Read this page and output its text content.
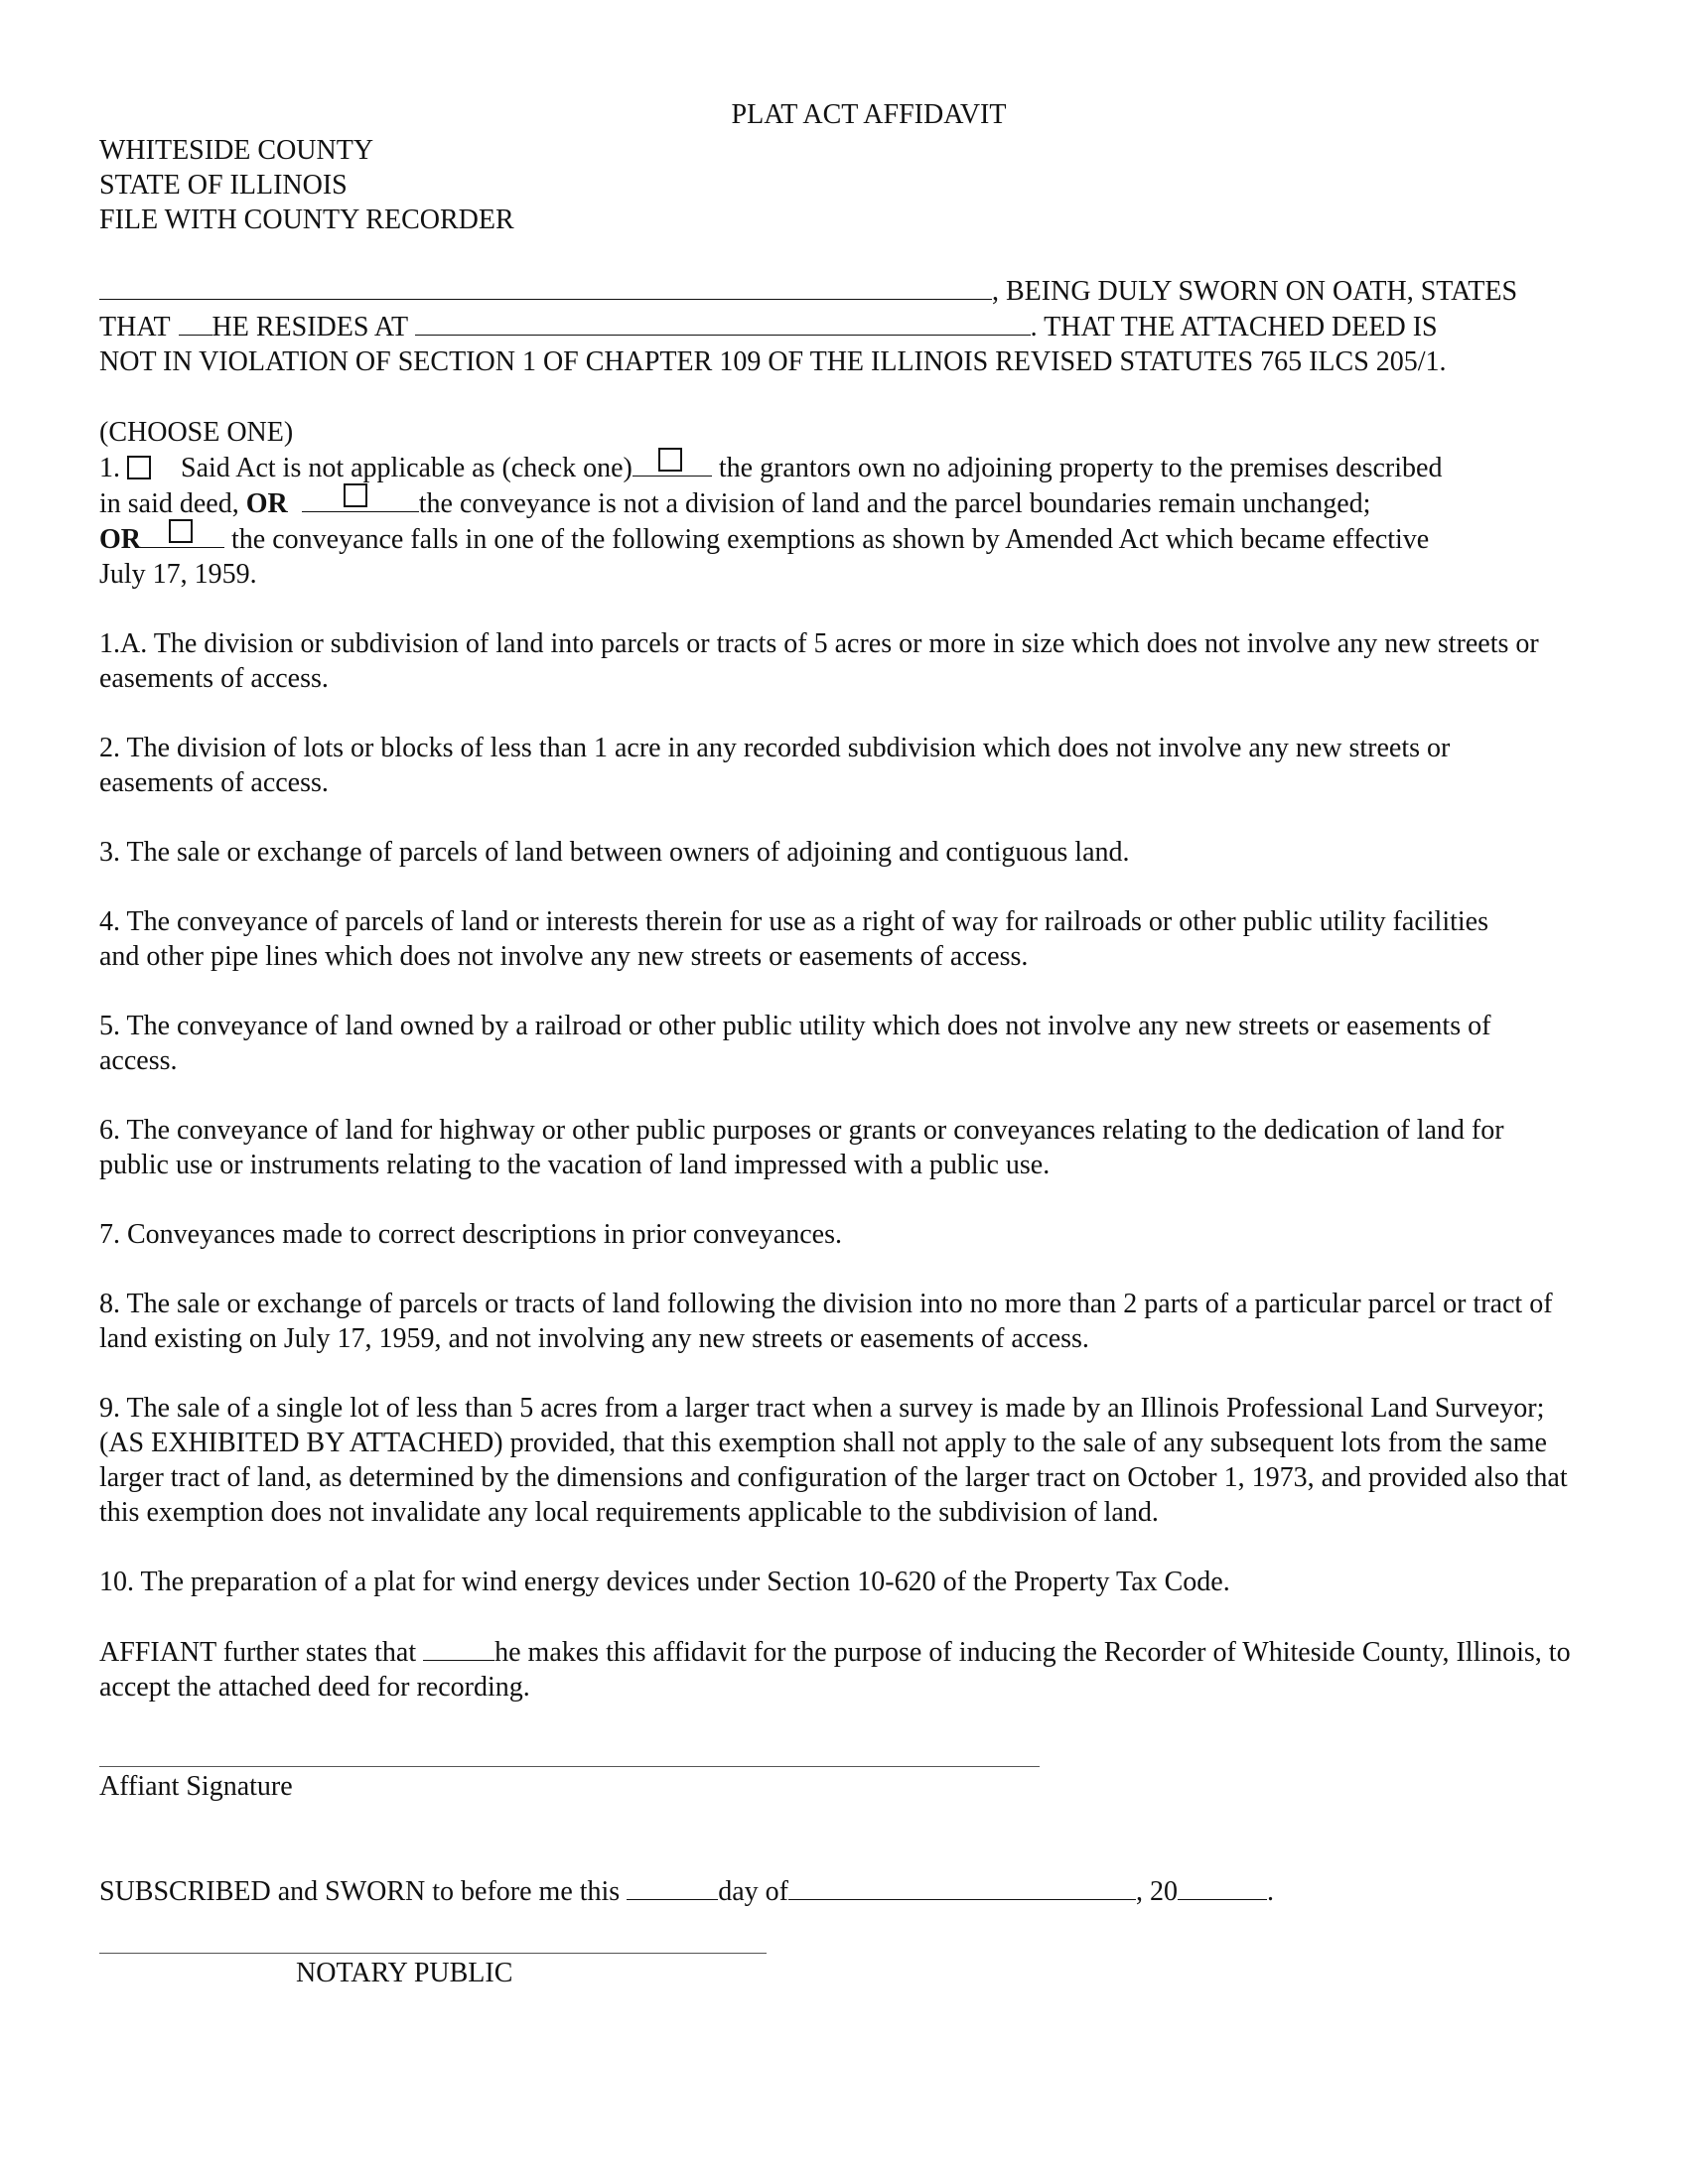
PLAT ACT AFFIDAVIT
WHITESIDE COUNTY
STATE OF ILLINOIS
FILE WITH COUNTY RECORDER
, BEING DULY SWORN ON OATH, STATES
THAT HE RESIDES AT	. THAT THE ATTACHED DEED IS
NOT IN VIOLATION OF SECTION 1 OF CHAPTER 109 OF THE ILLINOIS REVISED STATUTES 765 ILCS 205/1.
(CHOOSE ONE)
1. Said Act is not applicable as (check one)	the grantors own no adjoining property to the premises described
in said deed, OR	the conveyance is not a division of land and the parcel boundaries remain unchanged;
OR	the conveyance falls in one of the following exemptions as shown by Amended Act which became effective
July 17, 1959.
1.A. The division or subdivision of land into parcels or tracts of 5 acres or more in size which does not involve any new streets or easements of access.
2. The division of lots or blocks of less than 1 acre in any recorded subdivision which does not involve any new streets or easements of access.
3. The sale or exchange of parcels of land between owners of adjoining and contiguous land.
4. The conveyance of parcels of land or interests therein for use as a right of way for railroads or other public utility facilities and other pipe lines which does not involve any new streets or easements of access.
5. The conveyance of land owned by a railroad or other public utility which does not involve any new streets or easements of access.
6. The conveyance of land for highway or other public purposes or grants or conveyances relating to the dedication of land for public use or instruments relating to the vacation of land impressed with a public use.
7. Conveyances made to correct descriptions in prior conveyances.
8. The sale or exchange of parcels or tracts of land following the division into no more than 2 parts of a particular parcel or tract of land existing on July 17, 1959, and not involving any new streets or easements of access.
9. The sale of a single lot of less than 5 acres from a larger tract when a survey is made by an Illinois Professional Land Surveyor; (AS EXHIBITED BY ATTACHED) provided, that this exemption shall not apply to the sale of any subsequent lots from the same larger tract of land, as determined by the dimensions and configuration of the larger tract on October 1, 1973, and provided also that this exemption does not invalidate any local requirements applicable to the subdivision of land.
10. The preparation of a plat for wind energy devices under Section 10-620 of the Property Tax Code.
AFFIANT further states that	he makes this affidavit for the purpose of inducing the Recorder of Whiteside County, Illinois, to accept the attached deed for recording.
Affiant Signature
SUBSCRIBED and SWORN to before me this	day of	, 20	.
NOTARY PUBLIC
